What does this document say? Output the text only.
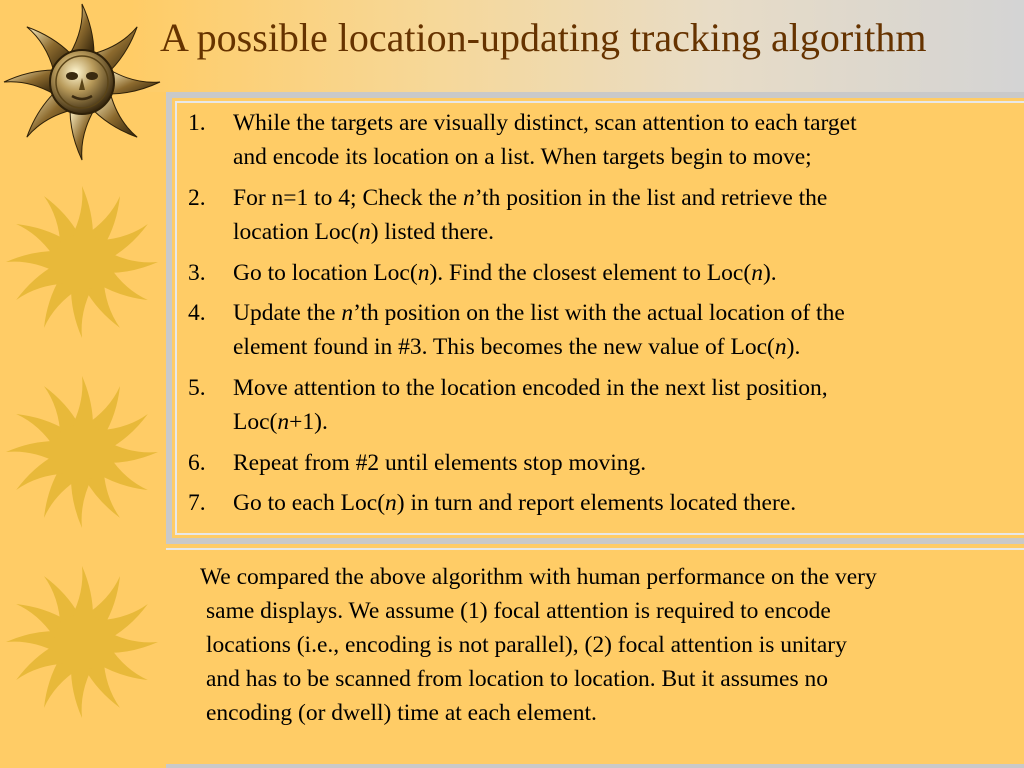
A possible location-updating tracking algorithm
1. While the targets are visually distinct, scan attention to each target
and encode its location on a list. When targets begin to move;
2. For n=1 to 4; Check the n’th position in the list and retrieve the
location Loc(n) listed there.
3. Go to location Loc(n). Find the closest element to Loc(n).
4. Update the n’th position on the list with the actual location of the
element found in #3. This becomes the new value of Loc(n).
5. Move attention to the location encoded in the next list position,
Loc(n+1).
6. Repeat from #2 until elements stop moving.
7. Go to each Loc(n) in turn and report elements located there.

We compared the above algorithm with human performance on the very
same displays. We assume (1) focal attention is required to encode
locations (i.e., encoding is not parallel), (2) focal attention is unitary
and has to be scanned from location to location. But it assumes no
encoding (or dwell) time at each element.
